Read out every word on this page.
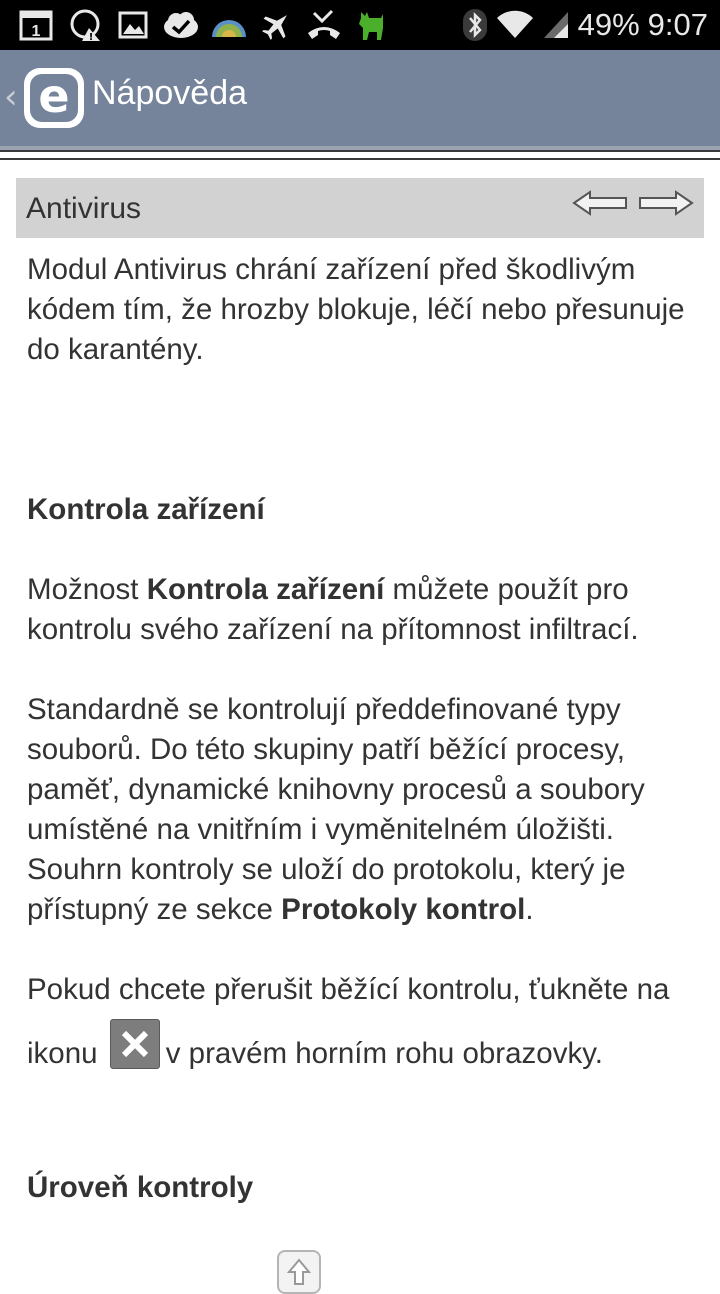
1	!	49% 9:07
‹ e Nápověda
Antivirus

Modul Antivirus chrání zařízení před škodlivým kódem tím, že hrozby blokuje, léčí nebo přesunuje do karantény.

Kontrola zařízení

Možnost Kontrola zařízení můžete použít pro kontrolu svého zařízení na přítomnost infiltrací.

Standardně se kontrolují předdefinované typy souborů. Do této skupiny patří běžící procesy, paměť, dynamické knihovny procesů a soubory umístěné na vnitřním i vyměnitelném úložišti. Souhrn kontroly se uloží do protokolu, který je přístupný ze sekce Protokoly kontrol.

Pokud chcete přerušit běžící kontrolu, ťukněte na ikonu v pravém horním rohu obrazovky.

Úroveň kontroly
